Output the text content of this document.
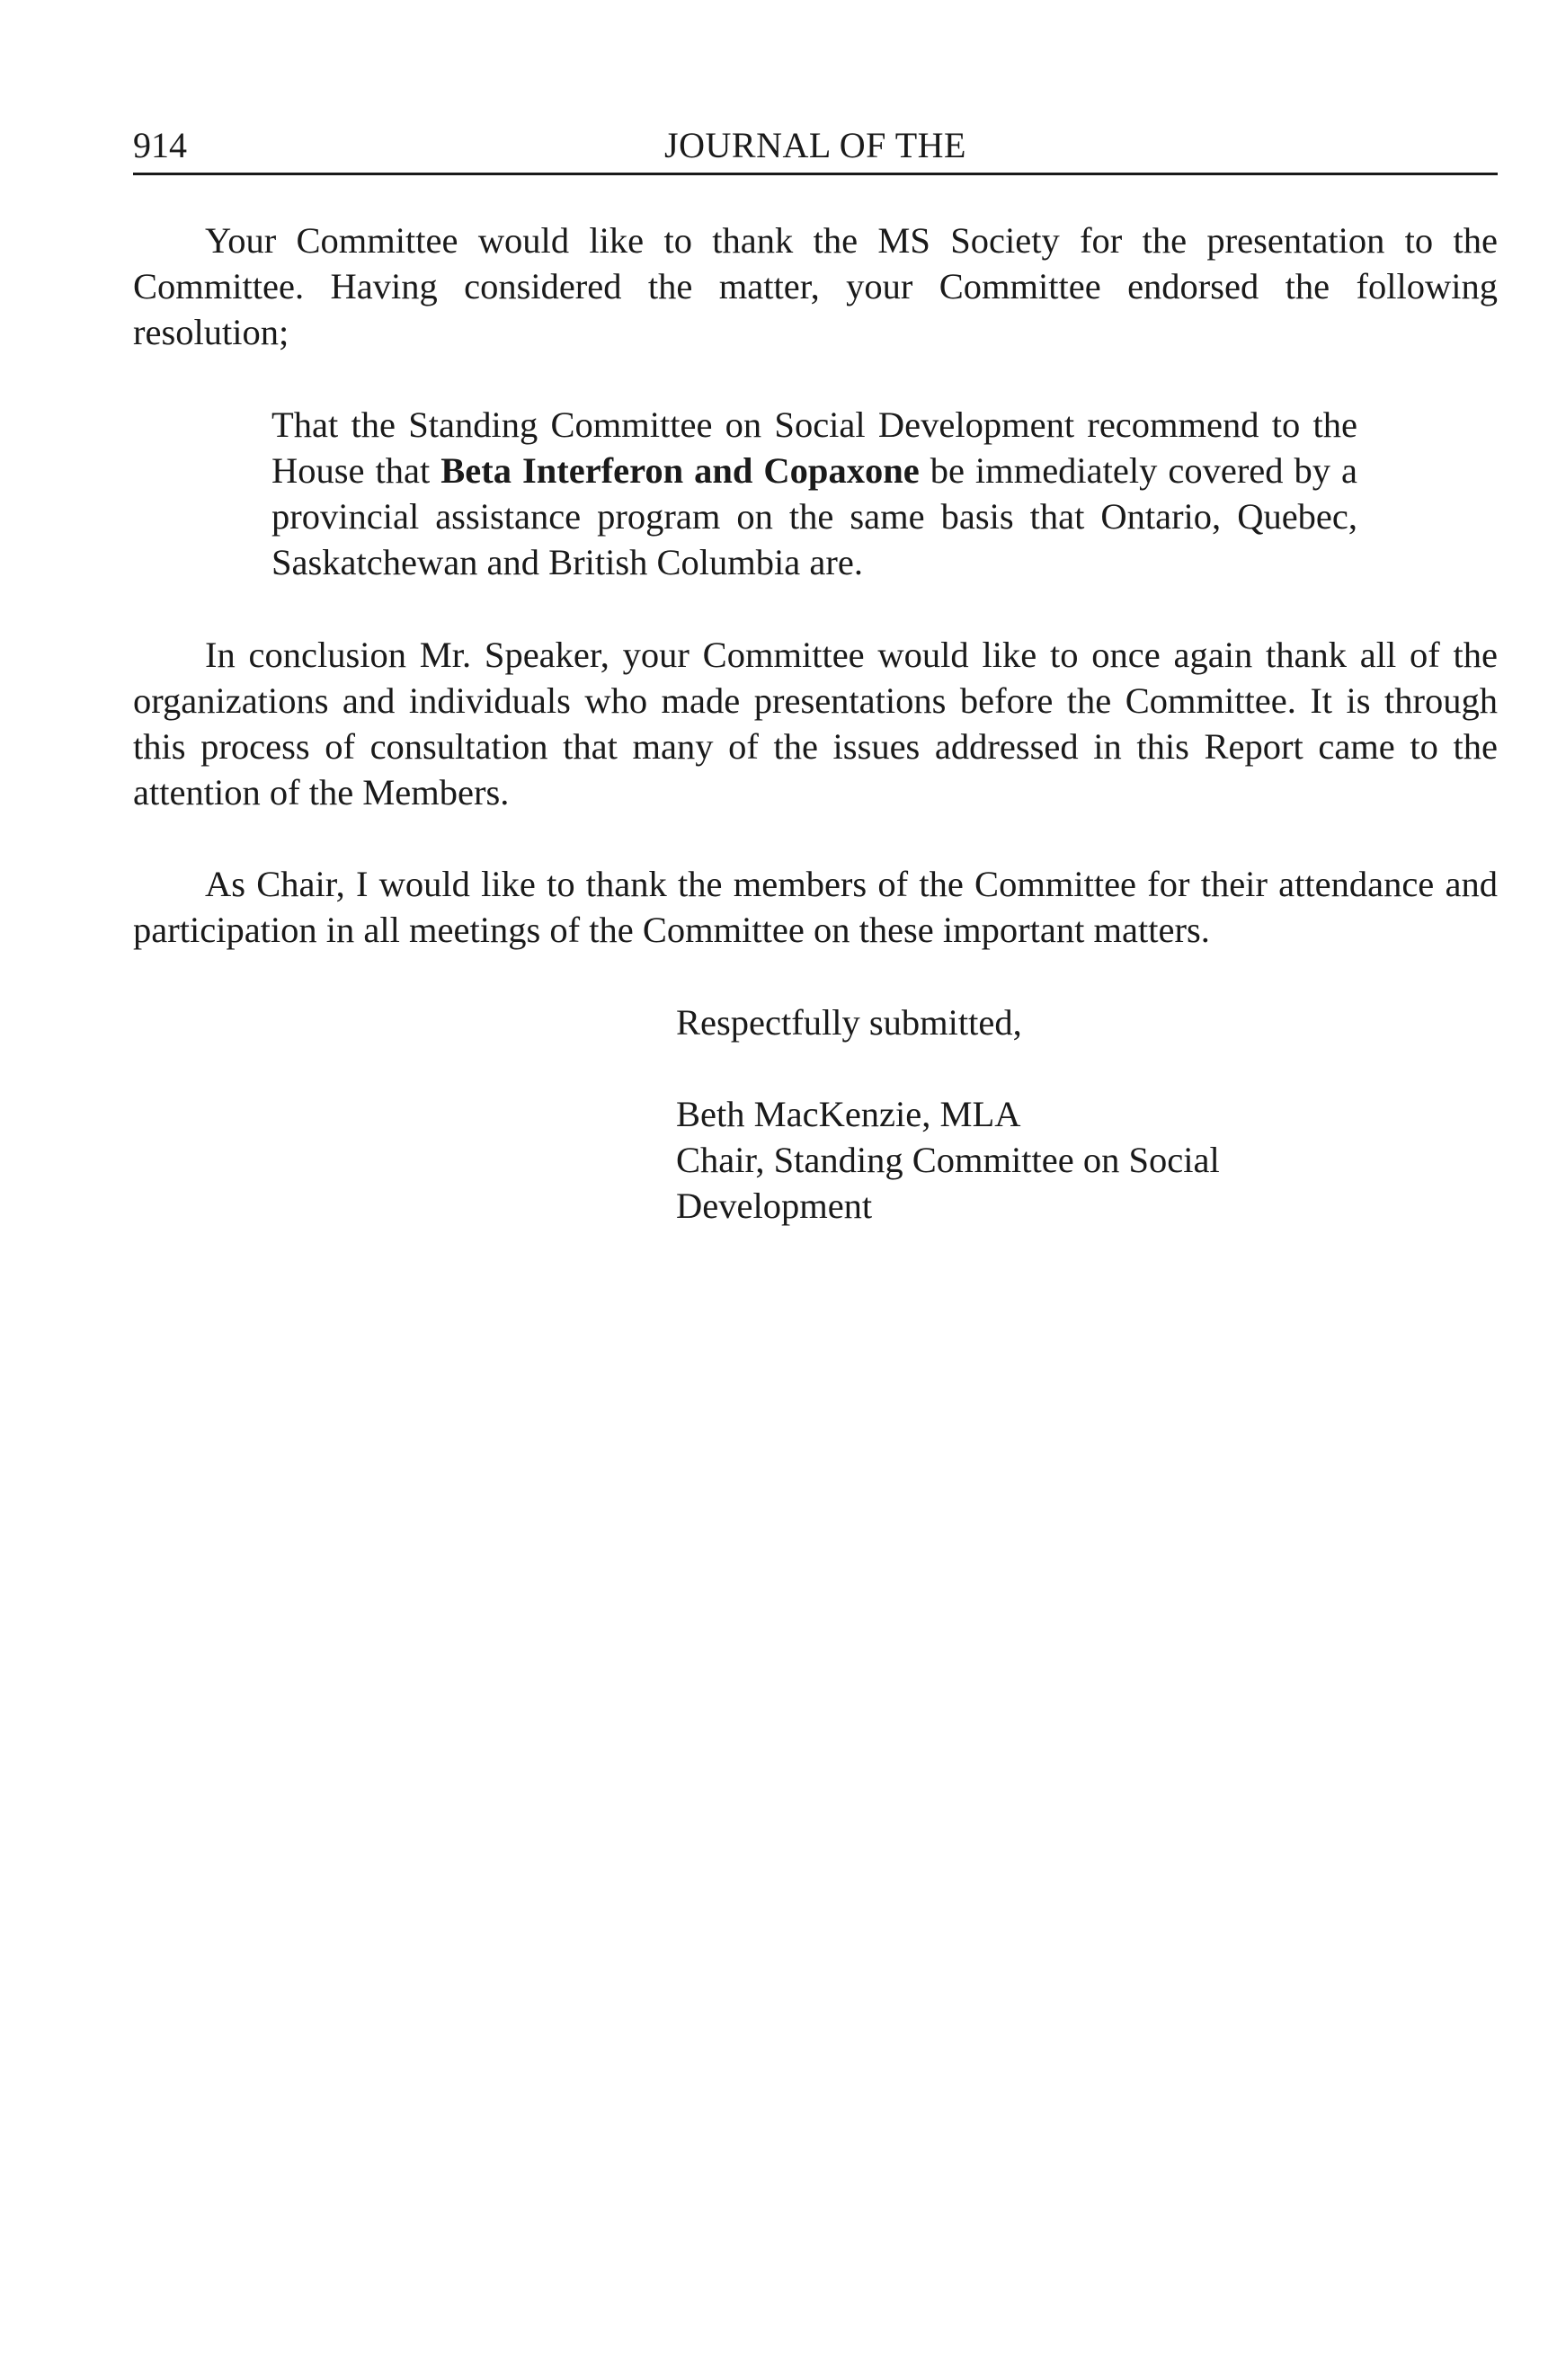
914	JOURNAL OF THE

Your Committee would like to thank the MS Society for the presentation to the Committee. Having considered the matter, your Committee endorsed the following resolution;

That the Standing Committee on Social Development recommend to the House that Beta Interferon and Copaxone be immediately covered by a provincial assistance program on the same basis that Ontario, Quebec, Saskatchewan and British Columbia are.

In conclusion Mr. Speaker, your Committee would like to once again thank all of the organizations and individuals who made presentations before the Committee. It is through this process of consultation that many of the issues addressed in this Report came to the attention of the Members.

As Chair, I would like to thank the members of the Committee for their attendance and participation in all meetings of the Committee on these important matters.

Respectfully submitted,
Beth MacKenzie, MLA
Chair, Standing Committee on Social
Development
